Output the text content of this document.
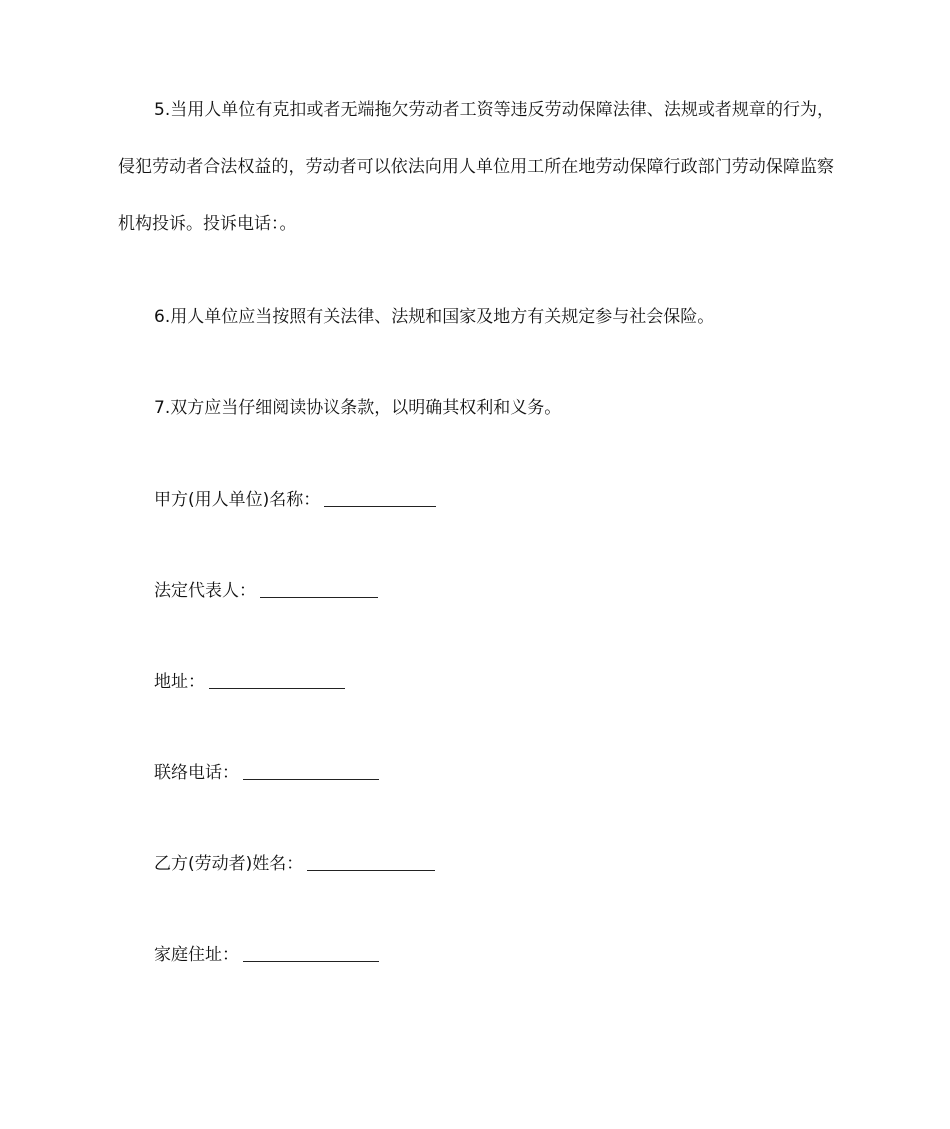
5.当用人单位有克扣或者无端拖欠劳动者工资等违反劳动保障法律、法规或者规章的行为，侵犯劳动者合法权益的，劳动者可以依法向用人单位用工所在地劳动保障行政部门劳动保障监察机构投诉。投诉电话：。

6.用人单位应当按照有关法律、法规和国家及地方有关规定参与社会保险。

7.双方应当仔细阅读协议条款，以明确其权利和义务。

甲方(用人单位)名称：
法定代表人：
地址：
联络电话：
乙方(劳动者)姓名：
家庭住址：
